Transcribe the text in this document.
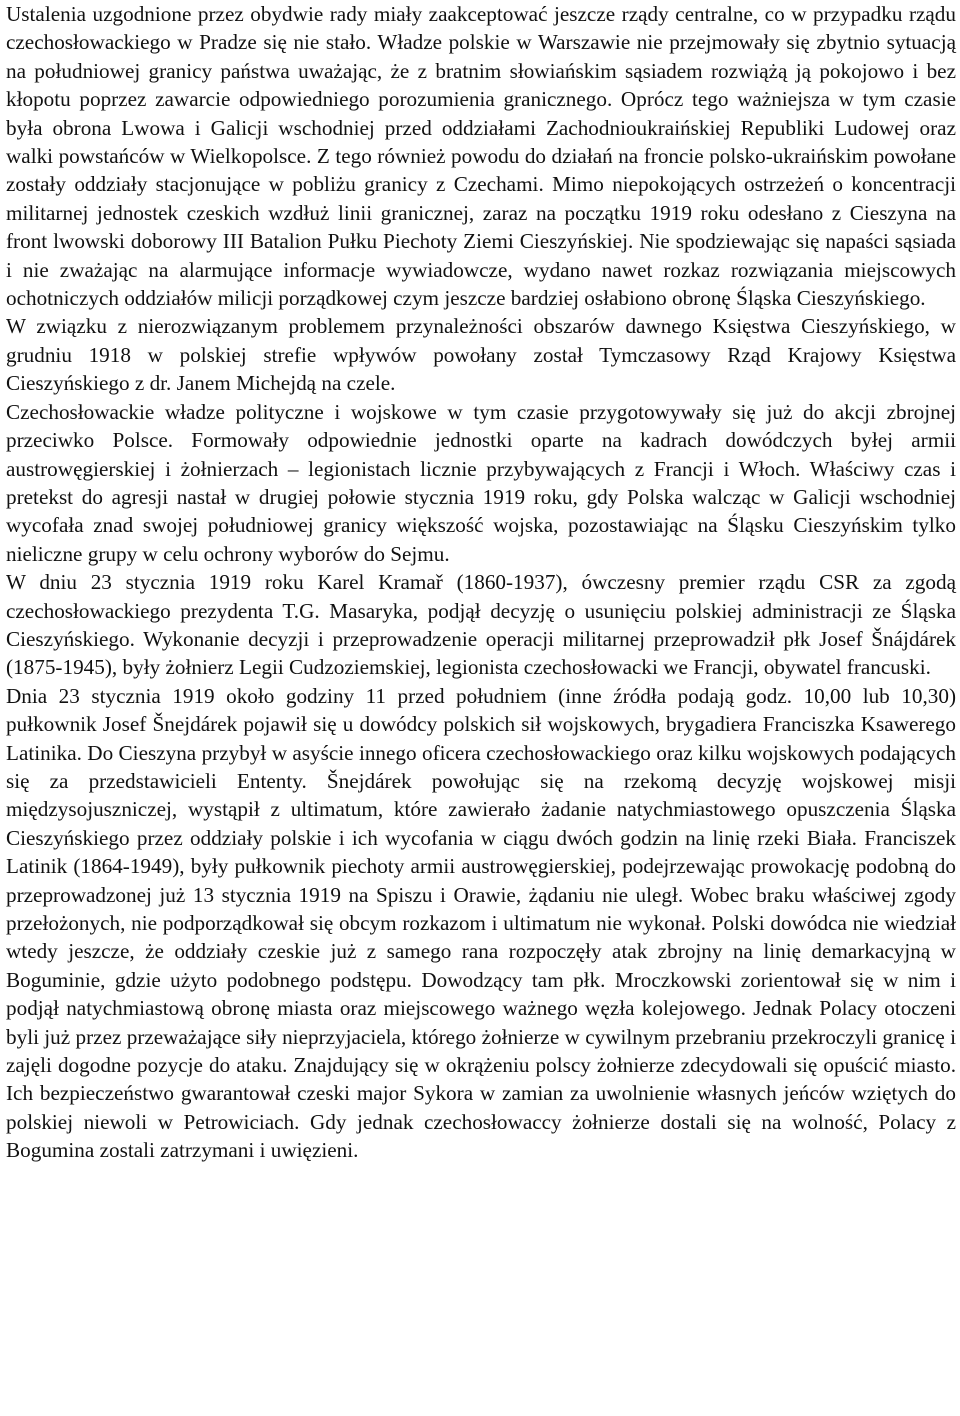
Ustalenia uzgodnione przez obydwie rady miały zaakceptować jeszcze rządy centralne, co w przypadku rządu czechosłowackiego w Pradze się nie stało. Władze polskie w Warszawie nie przejmowały się zbytnio sytuacją na południowej granicy państwa uważając, że z bratnim słowiańskim sąsiadem rozwiążą ją pokojowo i bez kłopotu poprzez zawarcie odpowiedniego porozumienia granicznego. Oprócz tego ważniejsza w tym czasie była obrona Lwowa i Galicji wschodniej przed oddziałami Zachodnioukraińskiej Republiki Ludowej oraz walki powstańców w Wielkopolsce. Z tego również powodu do działań na froncie polsko-ukraińskim powołane zostały oddziały stacjonujące w pobliżu granicy z Czechami. Mimo niepokojących ostrzeżeń o koncentracji militarnej jednostek czeskich wzdłuż linii granicznej, zaraz na początku 1919 roku odesłano z Cieszyna na front lwowski doborowy III Batalion Pułku Piechoty Ziemi Cieszyńskiej. Nie spodziewając się napaści sąsiada i nie zważając na alarmujące informacje wywiadowcze, wydano nawet rozkaz rozwiązania miejscowych ochotniczych oddziałów milicji porządkowej czym jeszcze bardziej osłabiono obronę Śląska Cieszyńskiego.

W związku z nierozwiązanym problemem przynależności obszarów dawnego Księstwa Cieszyńskiego, w grudniu 1918 w polskiej strefie wpływów powołany został Tymczasowy Rząd Krajowy Księstwa Cieszyńskiego z dr. Janem Michejdą na czele.

Czechosłowackie władze polityczne i wojskowe w tym czasie przygotowywały się już do akcji zbrojnej przeciwko Polsce. Formowały odpowiednie jednostki oparte na kadrach dowódczych byłej armii austrowęgierskiej i żołnierzach – legionistach licznie przybywających z Francji i Włoch. Właściwy czas i pretekst do agresji nastał w drugiej połowie stycznia 1919 roku, gdy Polska walcząc w Galicji wschodniej wycofała znad swojej południowej granicy większość wojska, pozostawiając na Śląsku Cieszyńskim tylko nieliczne grupy w celu ochrony wyborów do Sejmu.

W dniu 23 stycznia 1919 roku Karel Kramař (1860-1937), ówczesny premier rządu CSR za zgodą czechosłowackiego prezydenta T.G. Masaryka, podjął decyzję o usunięciu polskiej administracji ze Śląska Cieszyńskiego. Wykonanie decyzji i przeprowadzenie operacji militarnej przeprowadził płk Josef Šnájdárek (1875-1945), były żołnierz Legii Cudzoziemskiej, legionista czechosłowacki we Francji, obywatel francuski.

Dnia 23 stycznia 1919 około godziny 11 przed południem (inne źródła podają godz. 10,00 lub 10,30) pułkownik Josef Šnejdárek pojawił się u dowódcy polskich sił wojskowych, brygadiera Franciszka Ksawerego Latinika. Do Cieszyna przybył w asyście innego oficera czechosłowackiego oraz kilku wojskowych podających się za przedstawicieli Ententy. Šnejdárek powołując się na rzekomą decyzję wojskowej misji międzysojuszniczej, wystąpił z ultimatum, które zawierało żadanie natychmiastowego opuszczenia Śląska Cieszyńskiego przez oddziały polskie i ich wycofania w ciągu dwóch godzin na linię rzeki Biała. Franciszek Latinik (1864-1949), były pułkownik piechoty armii austrowęgierskiej, podejrzewając prowokację podobną do przeprowadzonej już 13 stycznia 1919 na Spiszu i Orawie, żądaniu nie uległ. Wobec braku właściwej zgody przełożonych, nie podporządkował się obcym rozkazom i ultimatum nie wykonał. Polski dowódca nie wiedział wtedy jeszcze, że oddziały czeskie już z samego rana rozpoczęły atak zbrojny na linię demarkacyjną w Boguminie, gdzie użyto podobnego podstępu. Dowodzący tam płk. Mroczkowski zorientował się w nim i podjął natychmiastową obronę miasta oraz miejscowego ważnego węzła kolejowego. Jednak Polacy otoczeni byli już przez przeważające siły nieprzyjaciela, którego żołnierze w cywilnym przebraniu przekroczyli granicę i zajęli dogodne pozycje do ataku. Znajdujący się w okrążeniu polscy żołnierze zdecydowali się opuścić miasto. Ich bezpieczeństwo gwarantował czeski major Sykora w zamian za uwolnienie własnych jeńców wziętych do polskiej niewoli w Petrowiciach. Gdy jednak czechosłowaccy żołnierze dostali się na wolność, Polacy z Bogumina zostali zatrzymani i uwięzieni.
